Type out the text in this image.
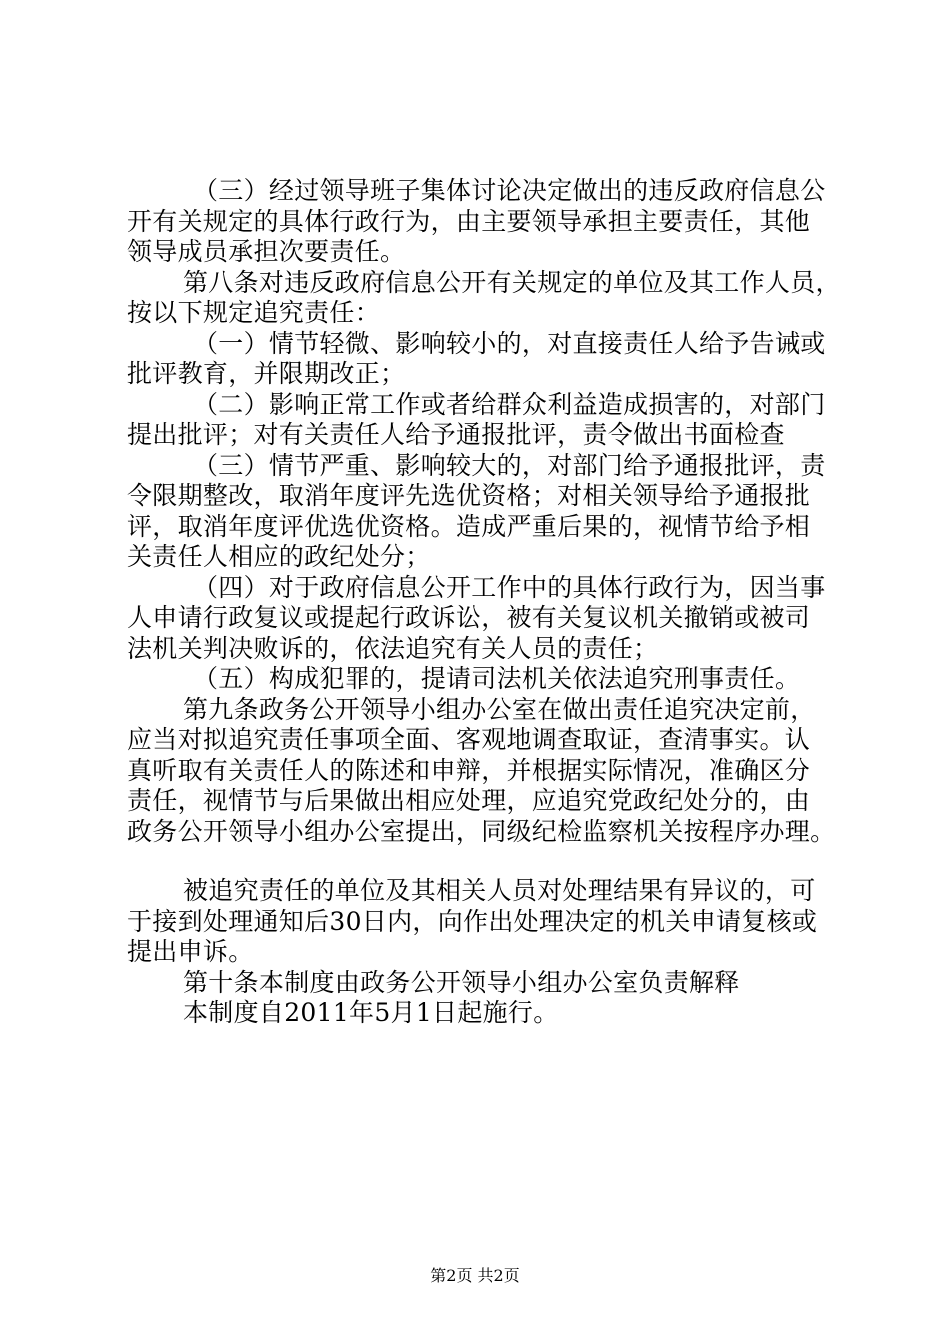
（三）经过领导班子集体讨论决定做出的违反政府信息公
开有关规定的具体行政行为，由主要领导承担主要责任，其他
领导成员承担次要责任。
第八条对违反政府信息公开有关规定的单位及其工作人员，
按以下规定追究责任：
（一）情节轻微、影响较小的，对直接责任人给予告诫或
批评教育，并限期改正；
（二）影响正常工作或者给群众利益造成损害的，对部门
提出批评；对有关责任人给予通报批评，责令做出书面检查
（三）情节严重、影响较大的，对部门给予通报批评，责
令限期整改，取消年度评先选优资格；对相关领导给予通报批
评，取消年度评优选优资格。造成严重后果的，视情节给予相
关责任人相应的政纪处分；
（四）对于政府信息公开工作中的具体行政行为，因当事
人申请行政复议或提起行政诉讼，被有关复议机关撤销或被司
法机关判决败诉的，依法追究有关人员的责任；
（五）构成犯罪的，提请司法机关依法追究刑事责任。
第九条政务公开领导小组办公室在做出责任追究决定前，
应当对拟追究责任事项全面、客观地调查取证，查清事实。认
真听取有关责任人的陈述和申辩，并根据实际情况，准确区分
责任，视情节与后果做出相应处理，应追究党政纪处分的，由
政务公开领导小组办公室提出，同级纪检监察机关按程序办理。
被追究责任的单位及其相关人员对处理结果有异议的，可
于接到处理通知后30日内，向作出处理决定的机关申请复核或
提出申诉。
第十条本制度由政务公开领导小组办公室负责解释
本制度自2011年5月1日起施行。
第2页 共2页
